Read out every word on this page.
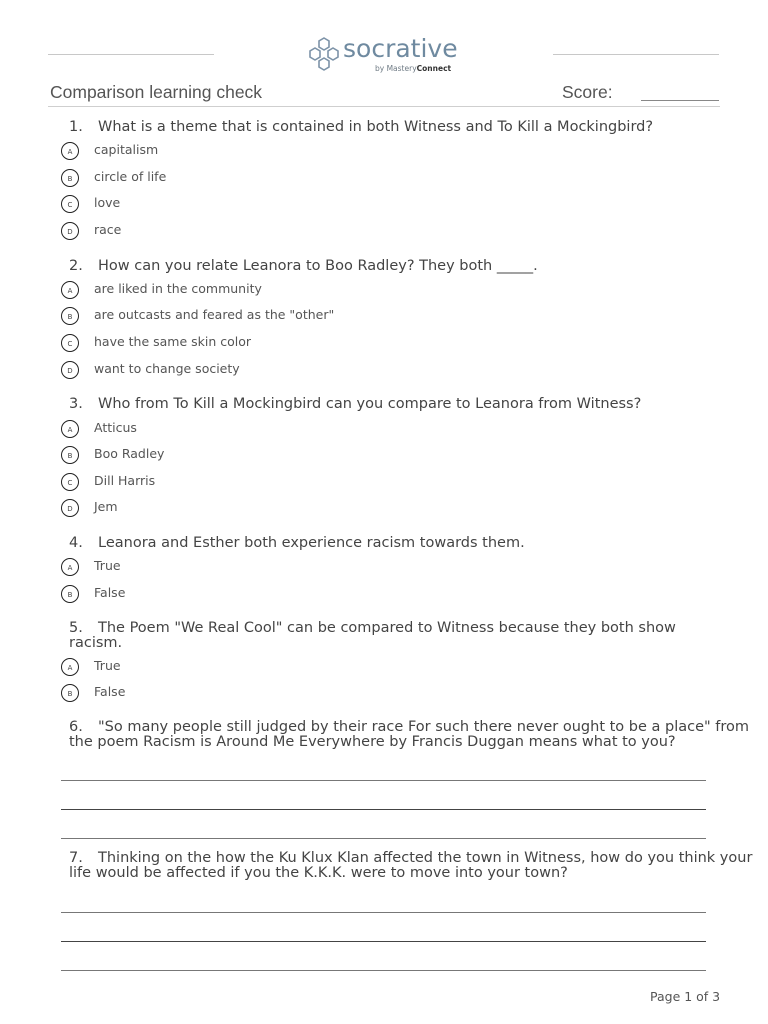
socrative
by MasteryConnect
Comparison learning check	Score:
1. What is a theme that is contained in both Witness and To Kill a Mockingbird?
A	capitalism
B	circle of life
C	love
D	race
2. How can you relate Leanora to Boo Radley? They both _____.
A	are liked in the community
B	are outcasts and feared as the "other"
C	have the same skin color
D	want to change society
3. Who from To Kill a Mockingbird can you compare to Leanora from Witness?
A	Atticus
B	Boo Radley
C	Dill Harris
D	Jem
4. Leanora and Esther both experience racism towards them.
A	True
B	False
5. The Poem "We Real Cool" can be compared to Witness because they both show
racism.
A	True
B	False
6. "So many people still judged by their race For such there never ought to be a place" from
the poem Racism is Around Me Everywhere by Francis Duggan means what to you?
7. Thinking on the how the Ku Klux Klan affected the town in Witness, how do you think your
life would be affected if you the K.K.K. were to move into your town?
Page 1 of 3
